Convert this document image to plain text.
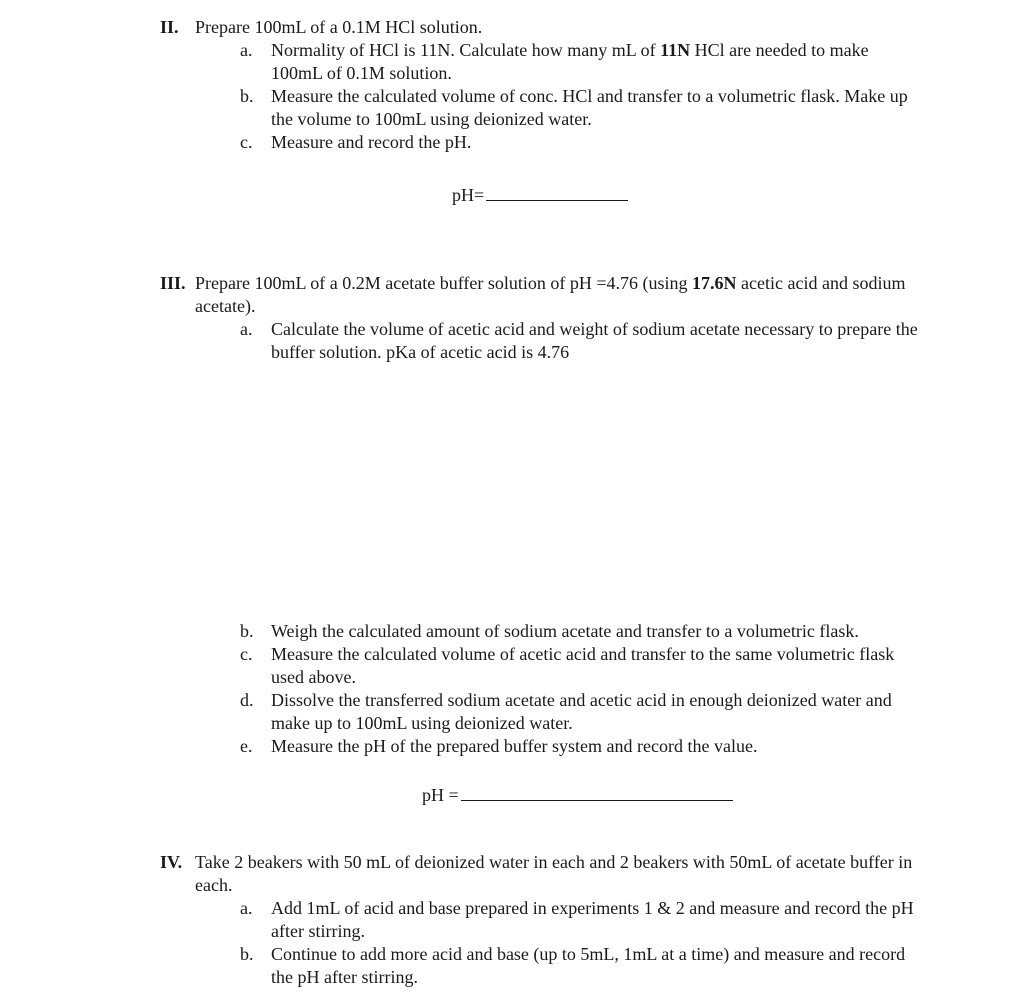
II. Prepare 100mL of a 0.1M HCl solution.
a. Normality of HCl is 11N. Calculate how many mL of 11N HCl are needed to make 100mL of 0.1M solution.
b. Measure the calculated volume of conc. HCl and transfer to a volumetric flask. Make up the volume to 100mL using deionized water.
c. Measure and record the pH.
pH=
III. Prepare 100mL of a 0.2M acetate buffer solution of pH =4.76 (using 17.6N acetic acid and sodium acetate).
a. Calculate the volume of acetic acid and weight of sodium acetate necessary to prepare the buffer solution. pKa of acetic acid is 4.76
b. Weigh the calculated amount of sodium acetate and transfer to a volumetric flask.
c. Measure the calculated volume of acetic acid and transfer to the same volumetric flask used above.
d. Dissolve the transferred sodium acetate and acetic acid in enough deionized water and make up to 100mL using deionized water.
e. Measure the pH of the prepared buffer system and record the value.
pH =
IV. Take 2 beakers with 50 mL of deionized water in each and 2 beakers with 50mL of acetate buffer in each.
a. Add 1mL of acid and base prepared in experiments 1 & 2 and measure and record the pH after stirring.
b. Continue to add more acid and base (up to 5mL, 1mL at a time) and measure and record the pH after stirring.
